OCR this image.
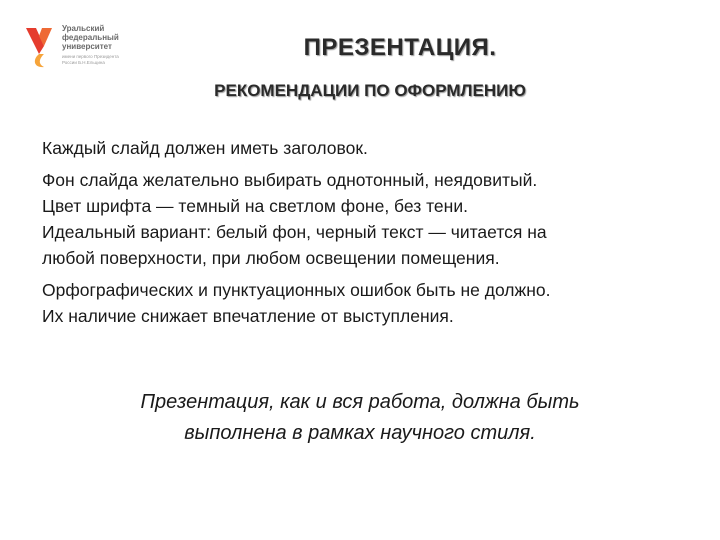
Уральский
федеральный
университет
имени первого Президента
России Б.Н.Ельцина
ПРЕЗЕНТАЦИЯ.
РЕКОМЕНДАЦИИ ПО ОФОРМЛЕНИЮ
Каждый слайд должен иметь заголовок.
Фон слайда желательно выбирать однотонный, неядовитый.
Цвет шрифта — темный на светлом фоне, без тени.
Идеальный вариант: белый фон, черный текст — читается на
любой поверхности, при любом освещении помещения.
Орфографических и пунктуационных ошибок быть не должно.
Их наличие снижает впечатление от выступления.
Презентация, как и вся работа, должна быть
выполнена в рамках научного стиля.
